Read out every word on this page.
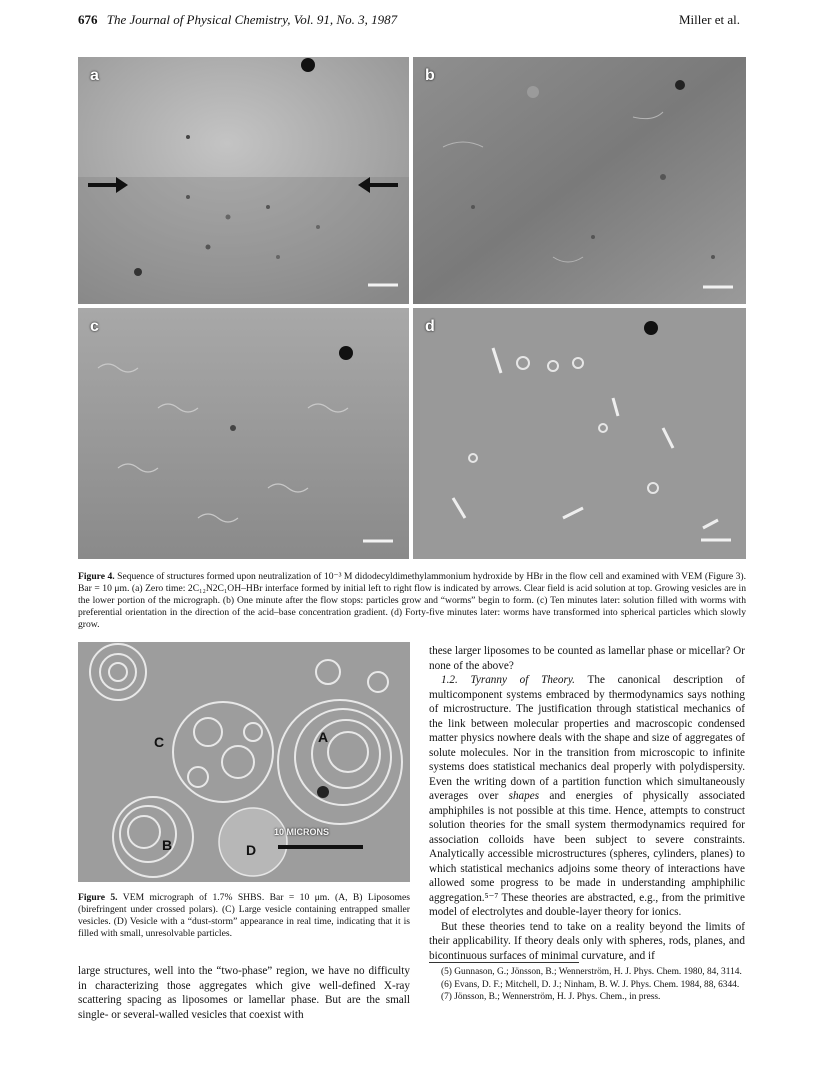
676 The Journal of Physical Chemistry, Vol. 91, No. 3, 1987	Miller et al.
a	b
c	d
Figure 4. Sequence of structures formed upon neutralization of 10⁻³ M didodecyldimethylammonium hydroxide by HBr in the flow cell and examined with VEM (Figure 3). Bar = 10 μm. (a) Zero time: 2C₁₂N2C₁OH–HBr interface formed by initial left to right flow is indicated by arrows. Clear field is acid solution at top. Growing vesicles are in the lower portion of the micrograph. (b) One minute after the flow stops: particles grow and “worms” begin to form. (c) Ten minutes later: solution filled with worms with preferential orientation in the direction of the acid–base concentration gradient. (d) Forty-five minutes later: worms have transformed into spherical particles which slowly grow.
A
B
C
D
10 MICRONS
Figure 5. VEM micrograph of 1.7% SHBS. Bar = 10 μm. (A, B) Liposomes (birefringent under crossed polars). (C) Large vesicle containing entrapped smaller vesicles. (D) Vesicle with a “dust-storm” appearance in real time, indicating that it is filled with small, unresolvable particles.

large structures, well into the “two-phase” region, we have no difficulty in characterizing those aggregates which give well-defined X-ray scattering spacing as liposomes or lamellar phase. But are the small single- or several-walled vesicles that coexist with

these larger liposomes to be counted as lamellar phase or micellar? Or none of the above?

1.2. Tyranny of Theory. The canonical description of multicomponent systems embraced by thermodynamics says nothing of microstructure. The justification through statistical mechanics of the link between molecular properties and macroscopic condensed matter physics nowhere deals with the shape and size of aggregates of solute molecules. Nor in the transition from microscopic to infinite systems does statistical mechanics deal properly with polydispersity. Even the writing down of a partition function which simultaneously averages over shapes and energies of physically associated amphiphiles is not possible at this time. Hence, attempts to construct solution theories for the small system thermodynamics required for association colloids have been subject to severe constraints. Analytically accessible microstructures (spheres, cylinders, planes) to which statistical mechanics adjoins some theory of interactions have allowed some progress to be made in understanding amphiphilic aggregation.⁵⁻⁷ These theories are abstracted, e.g., from the primitive model of electrolytes and double-layer theory for ionics.

But these theories tend to take on a reality beyond the limits of their applicability. If theory deals only with spheres, rods, planes, and bicontinuous surfaces of minimal curvature, and if

(5) Gunnason, G.; Jönsson, B.; Wennerström, H. J. Phys. Chem. 1980, 84, 3114.
(6) Evans, D. F.; Mitchell, D. J.; Ninham, B. W. J. Phys. Chem. 1984, 88, 6344.
(7) Jönsson, B.; Wennerström, H. J. Phys. Chem., in press.
